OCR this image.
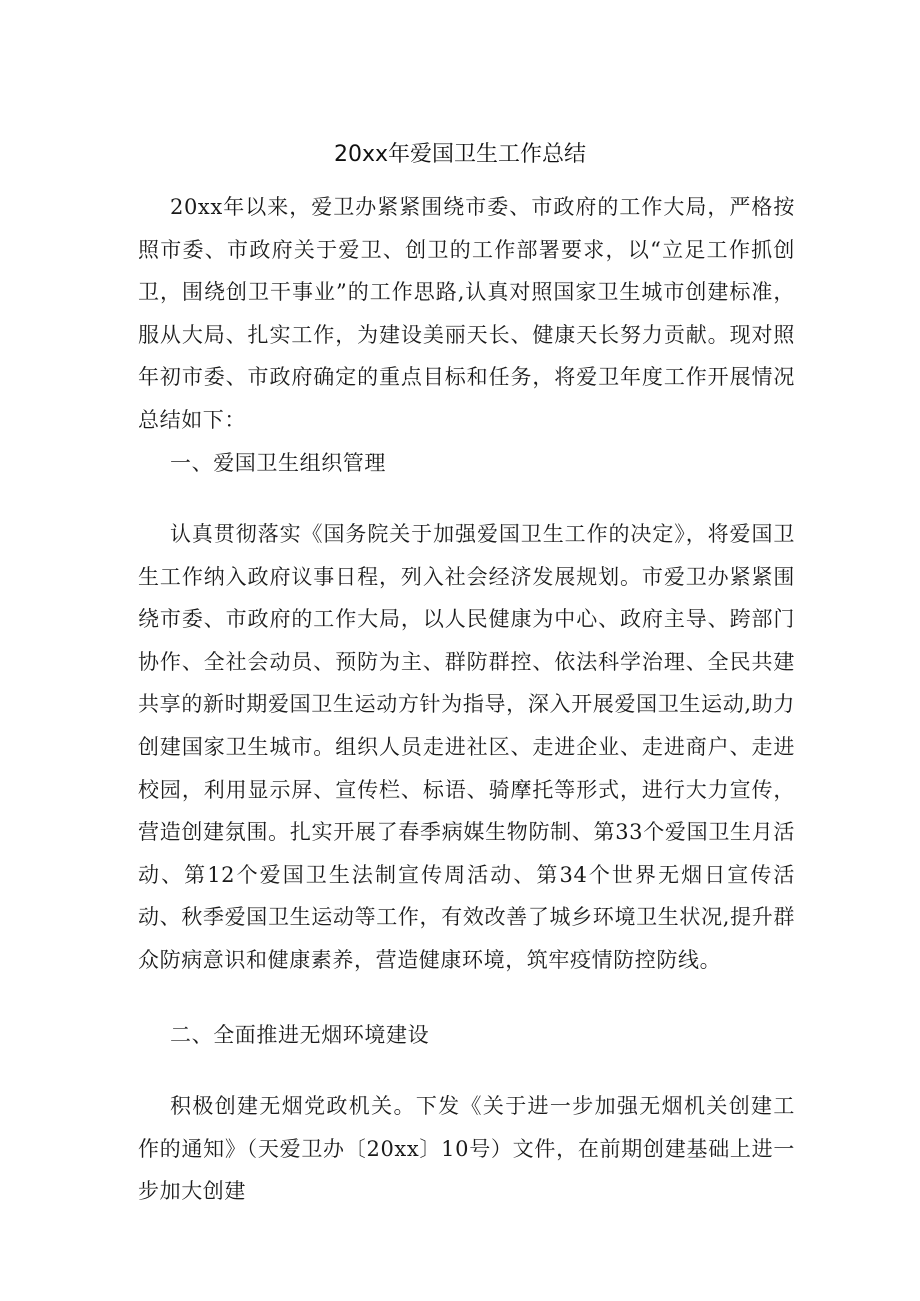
20xx年爱国卫生工作总结

20xx年以来，爱卫办紧紧围绕市委、市政府的工作大局，严格按照市委、市政府关于爱卫、创卫的工作部署要求，以“立足工作抓创卫，围绕创卫干事业”的工作思路,认真对照国家卫生城市创建标准，服从大局、扎实工作，为建设美丽天长、健康天长努力贡献。现对照年初市委、市政府确定的重点目标和任务，将爱卫年度工作开展情况总结如下：

一、爱国卫生组织管理

认真贯彻落实《国务院关于加强爱国卫生工作的决定》，将爱国卫生工作纳入政府议事日程，列入社会经济发展规划。市爱卫办紧紧围绕市委、市政府的工作大局，以人民健康为中心、政府主导、跨部门协作、全社会动员、预防为主、群防群控、依法科学治理、全民共建共享的新时期爱国卫生运动方针为指导，深入开展爱国卫生运动,助力创建国家卫生城市。组织人员走进社区、走进企业、走进商户、走进校园，利用显示屏、宣传栏、标语、骑摩托等形式，进行大力宣传，营造创建氛围。扎实开展了春季病媒生物防制、第33个爱国卫生月活动、第12个爱国卫生法制宣传周活动、第34个世界无烟日宣传活动、秋季爱国卫生运动等工作，有效改善了城乡环境卫生状况,提升群众防病意识和健康素养，营造健康环境，筑牢疫情防控防线。

二、全面推进无烟环境建设

积极创建无烟党政机关。下发《关于进一步加强无烟机关创建工作的通知》（天爱卫办〔20xx〕10号）文件，在前期创建基础上进一步加大创建
